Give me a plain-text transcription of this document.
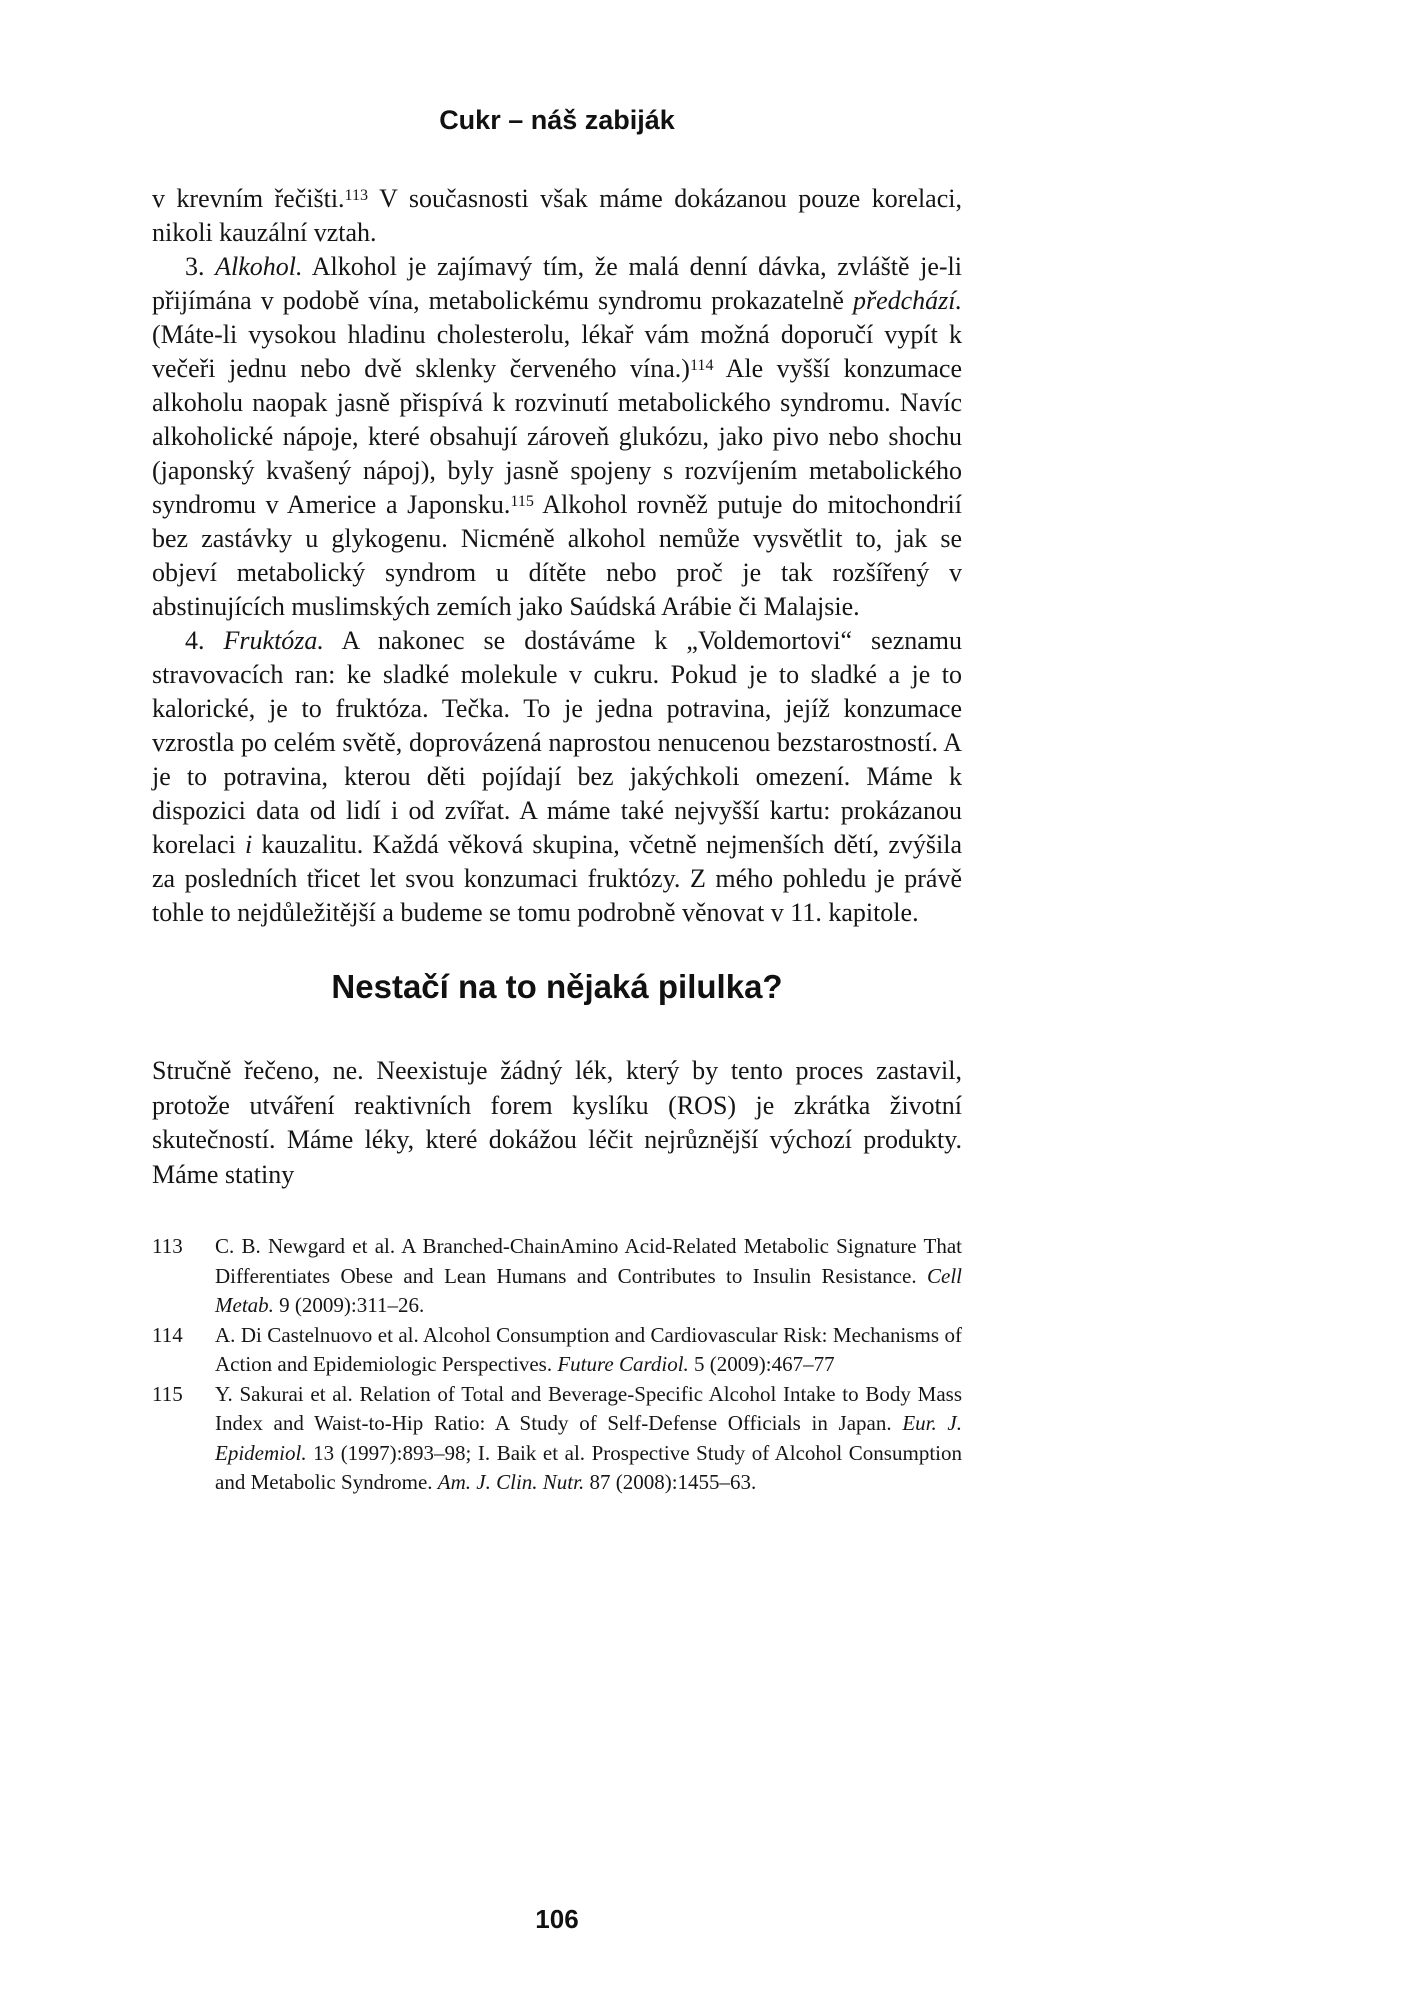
Cukr – náš zabiják

v krevním řečišti.$^{113}$ V současnosti však máme dokázanou pouze korelaci, nikoli kauzální vztah.

3. Alkohol. Alkohol je zajímavý tím, že malá denní dávka, zvláště je-li přijímána v podobě vína, metabolickému syndromu prokazatelně předchází. (Máte-li vysokou hladinu cholesterolu, lékař vám možná doporučí vypít k večeři jednu nebo dvě sklenky červeného vína.)$^{114}$ Ale vyšší konzumace alkoholu naopak jasně přispívá k rozvinutí metabolického syndromu. Navíc alkoholické nápoje, které obsahují zároveň glukózu, jako pivo nebo shochu (japonský kvašený nápoj), byly jasně spojeny s rozvíjením metabolického syndromu v Americe a Japonsku.$^{115}$ Alkohol rovněž putuje do mitochondrií bez zastávky u glykogenu. Nicméně alkohol nemůže vysvětlit to, jak se objeví metabolický syndrom u dítěte nebo proč je tak rozšířený v abstinujících muslimských zemích jako Saúdská Arábie či Malajsie.

4. Fruktóza. A nakonec se dostáváme k „Voldemortovi“ seznamu stravovacích ran: ke sladké molekule v cukru. Pokud je to sladké a je to kalorické, je to fruktóza. Tečka. To je jedna potravina, jejíž konzumace vzrostla po celém světě, doprovázená naprostou nenucenou bezstarostností. A je to potravina, kterou děti pojídají bez jakýchkoli omezení. Máme k dispozici data od lidí i od zvířat. A máme také nejvyšší kartu: prokázanou korelaci i kauzalitu. Každá věková skupina, včetně nejmenších dětí, zvýšila za posledních třicet let svou konzumaci fruktózy. Z mého pohledu je právě tohle to nejdůležitější a budeme se tomu podrobně věnovat v 11. kapitole.

Nestačí na to nějaká pilulka?

Stručně řečeno, ne. Neexistuje žádný lék, který by tento proces zastavil, protože utváření reaktivních forem kyslíku (ROS) je zkrátka životní skutečností. Máme léky, které dokážou léčit nejrůznější výchozí produkty. Máme statiny

113	C. B. Newgard et al. A Branched-ChainAmino Acid-Related Metabolic Signature That Differentiates Obese and Lean Humans and Contributes to Insulin Resistance. Cell Metab. 9 (2009):311–26.
114	A. Di Castelnuovo et al. Alcohol Consumption and Cardiovascular Risk: Mechanisms of Action and Epidemiologic Perspectives. Future Cardiol. 5 (2009):467–77
115	Y. Sakurai et al. Relation of Total and Beverage-Specific Alcohol Intake to Body Mass Index and Waist-to-Hip Ratio: A Study of Self-Defense Officials in Japan. Eur. J. Epidemiol. 13 (1997):893–98; I. Baik et al. Prospective Study of Alcohol Consumption and Metabolic Syndrome. Am. J. Clin. Nutr. 87 (2008):1455–63.
106
